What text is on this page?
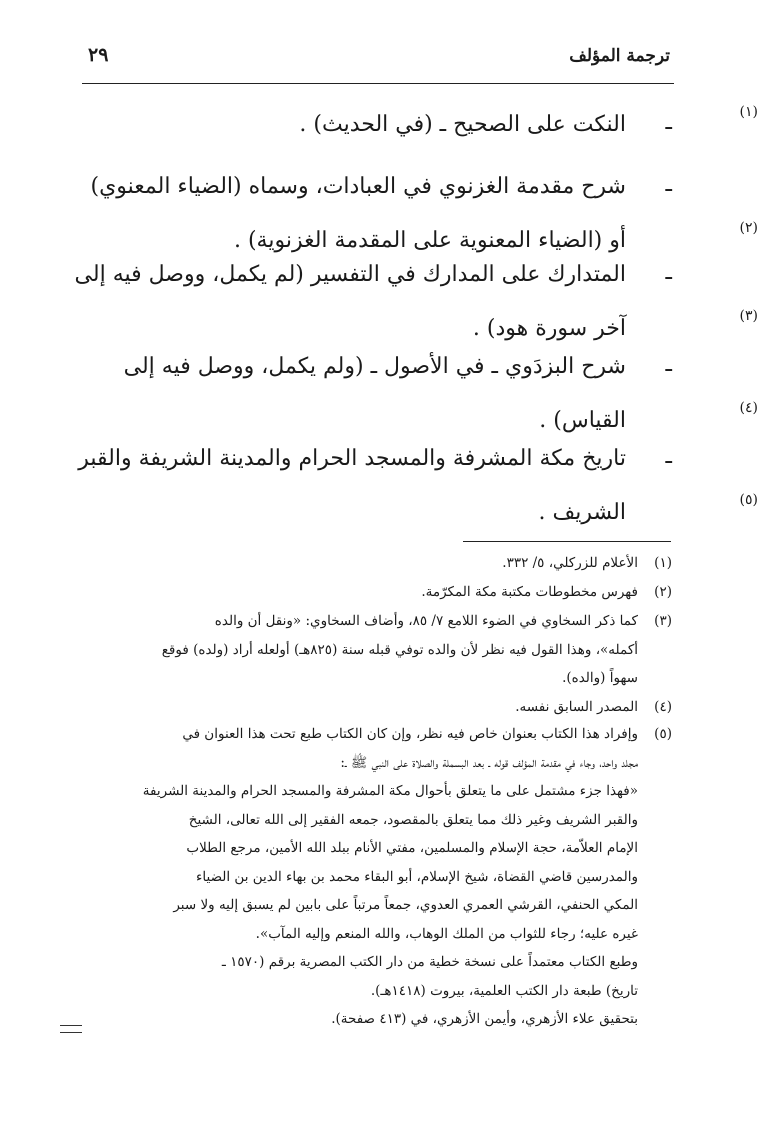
ترجمة المؤلف
٢٩
ـ
النكت على الصحيح ـ (في الحديث)	(١)
.
ـ
شرح مقدمة الغزنوي في العبادات، وسماه (الضياء المعنوي)
أو (الضياء المعنوية على المقدمة الغزنوية)	(٢)
.
ـ
المتدارك على المدارك في التفسير (لم يكمل، ووصل فيه إلى
آخر سورة هود)	(٣)
.
ـ
شرح البزدَوي ـ في الأصول ـ (ولم يكمل، ووصل فيه إلى
القياس)	(٤)
.
ـ
تاريخ مكة المشرفة والمسجد الحرام والمدينة الشريفة والقبر
الشريف	(٥)
.
(١)
الأعلام للزركلي، ٥/ ٣٣٢.
(٢)
فهرس مخطوطات مكتبة مكة المكرّمة.
(٣)
كما ذكر السخاوي في الضوء اللامع ٧/ ٨٥، وأضاف السخاوي: «ونقل أن والده
أكمله»، وهذا القول فيه نظر لأن والده توفي قبله سنة (٨٢٥هـ) أولعله أراد (ولده) فوقع
سهواً (والده).
(٤)
المصدر السابق نفسه.
(٥)
وإفراد هذا الكتاب بعنوان خاص فيه نظر، وإن كان الكتاب طبع تحت هذا العنوان في
مجلد واحد، وجاء في مقدمة المؤلف قوله ـ بعد البسملة والصلاة على النبي ﷺ ـ:
«فهذا جزء مشتمل على ما يتعلق بأحوال مكة المشرفة والمسجد الحرام والمدينة الشريفة
والقبر الشريف وغير ذلك مما يتعلق بالمقصود، جمعه الفقير إلى الله تعالى، الشيخ
الإمام العلاّمة، حجة الإسلام والمسلمين، مفتي الأنام ببلد الله الأمين، مرجع الطلاب
والمدرسين قاضي القضاة، شيخ الإسلام، أبو البقاء محمد بن بهاء الدين بن الضياء
المكي الحنفي، القرشي العمري العدوي، جمعاً مرتباً على بابين لم يسبق إليه ولا سبر
غيره عليه؛ رجاء للثواب من الملك الوهاب، والله المنعم وإليه المآب».
وطبع الكتاب معتمداً على نسخة خطية من دار الكتب المصرية برقم (١٥٧٠ ـ
تاريخ) طبعة دار الكتب العلمية، بيروت (١٤١٨هـ).
بتحقيق علاء الأزهري، وأيمن الأزهري، في (٤١٣ صفحة).
